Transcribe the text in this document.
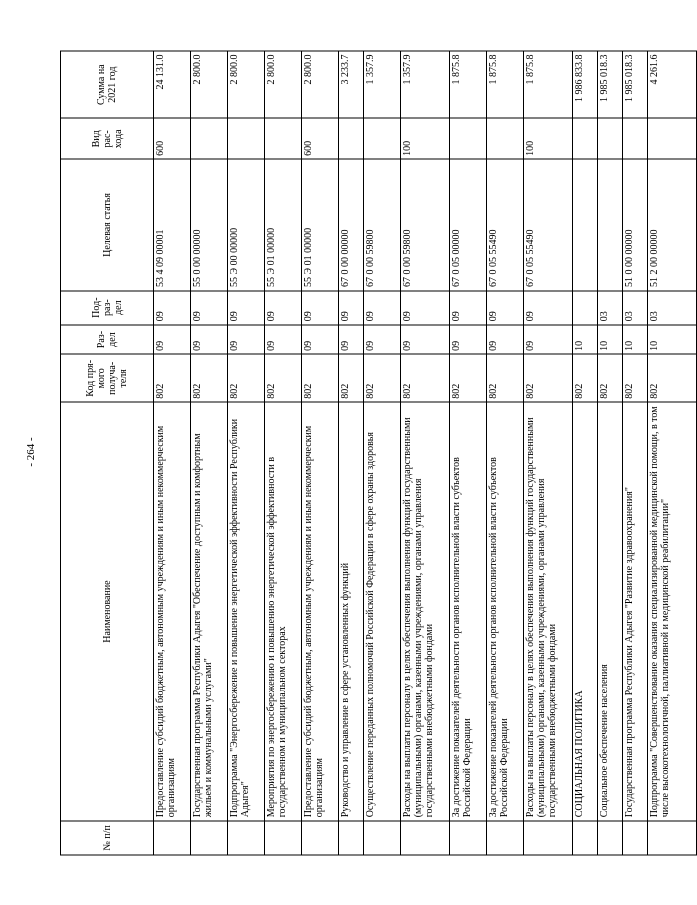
- 264 -
№ п/п	Наименование	Код пря-мого получа-теля	Раз-дел	Под-раз-дел	Целевая статья	Вид рас-хода	Сумма на 2021 год
	Предоставление субсидий бюджетным, автономным учреждениям и иным некоммерческим организациям	802	09	09	53 4 09 00001	600	24 131.0
	Государственная программа Республики Адыгея "Обеспечение доступным и комфортным жильем и коммунальными услугами"	802	09	09	55 0 00 00000		2 800.0
	Подпрограмма "Энергосбережение и повышение энергетической эффективности Республики Адыгея"	802	09	09	55 Э 00 00000		2 800.0
	Мероприятия по энергосбережению и повышению энергетической эффективности в государственном и муниципальном секторах	802	09	09	55 Э 01 00000		2 800.0
	Предоставление субсидий бюджетным, автономным учреждениям и иным некоммерческим организациям	802	09	09	55 Э 01 00000	600	2 800.0
	Руководство и управление в сфере установленных функций	802	09	09	67 0 00 00000		3 233.7
	Осуществление переданных полномочий Российской Федерации в сфере охраны здоровья	802	09	09	67 0 00 59800		1 357.9
	Расходы на выплаты персоналу в целях обеспечения выполнения функций государственными (муниципальными) органами, казенными учреждениями, органами управления государственными внебюджетными фондами	802	09	09	67 0 00 59800	100	1 357.9
	За достижение показателей деятельности органов исполнительной власти субъектов Российской Федерации	802	09	09	67 0 05 00000		1 875.8
	За достижение показателей деятельности органов исполнительной власти субъектов Российской Федерации	802	09	09	67 0 05 55490		1 875.8
	Расходы на выплаты персоналу в целях обеспечения выполнения функций государственными (муниципальными) органами, казенными учреждениями, органами управления государственными внебюджетными фондами	802	09	09	67 0 05 55490	100	1 875.8
	СОЦИАЛЬНАЯ ПОЛИТИКА	802	10				1 986 833.8
	Социальное обеспечение населения	802	10	03			1 985 018.3
	Государственная программа Республики Адыгея "Развитие здравоохранения"	802	10	03	51 0 00 00000		1 985 018.3
	Подпрограмма "Совершенствование оказания специализированной медицинской помощи, в том числе высокотехнологичной, паллиативной и медицинской реабилитации"	802	10	03	51 2 00 00000		4 261.6
